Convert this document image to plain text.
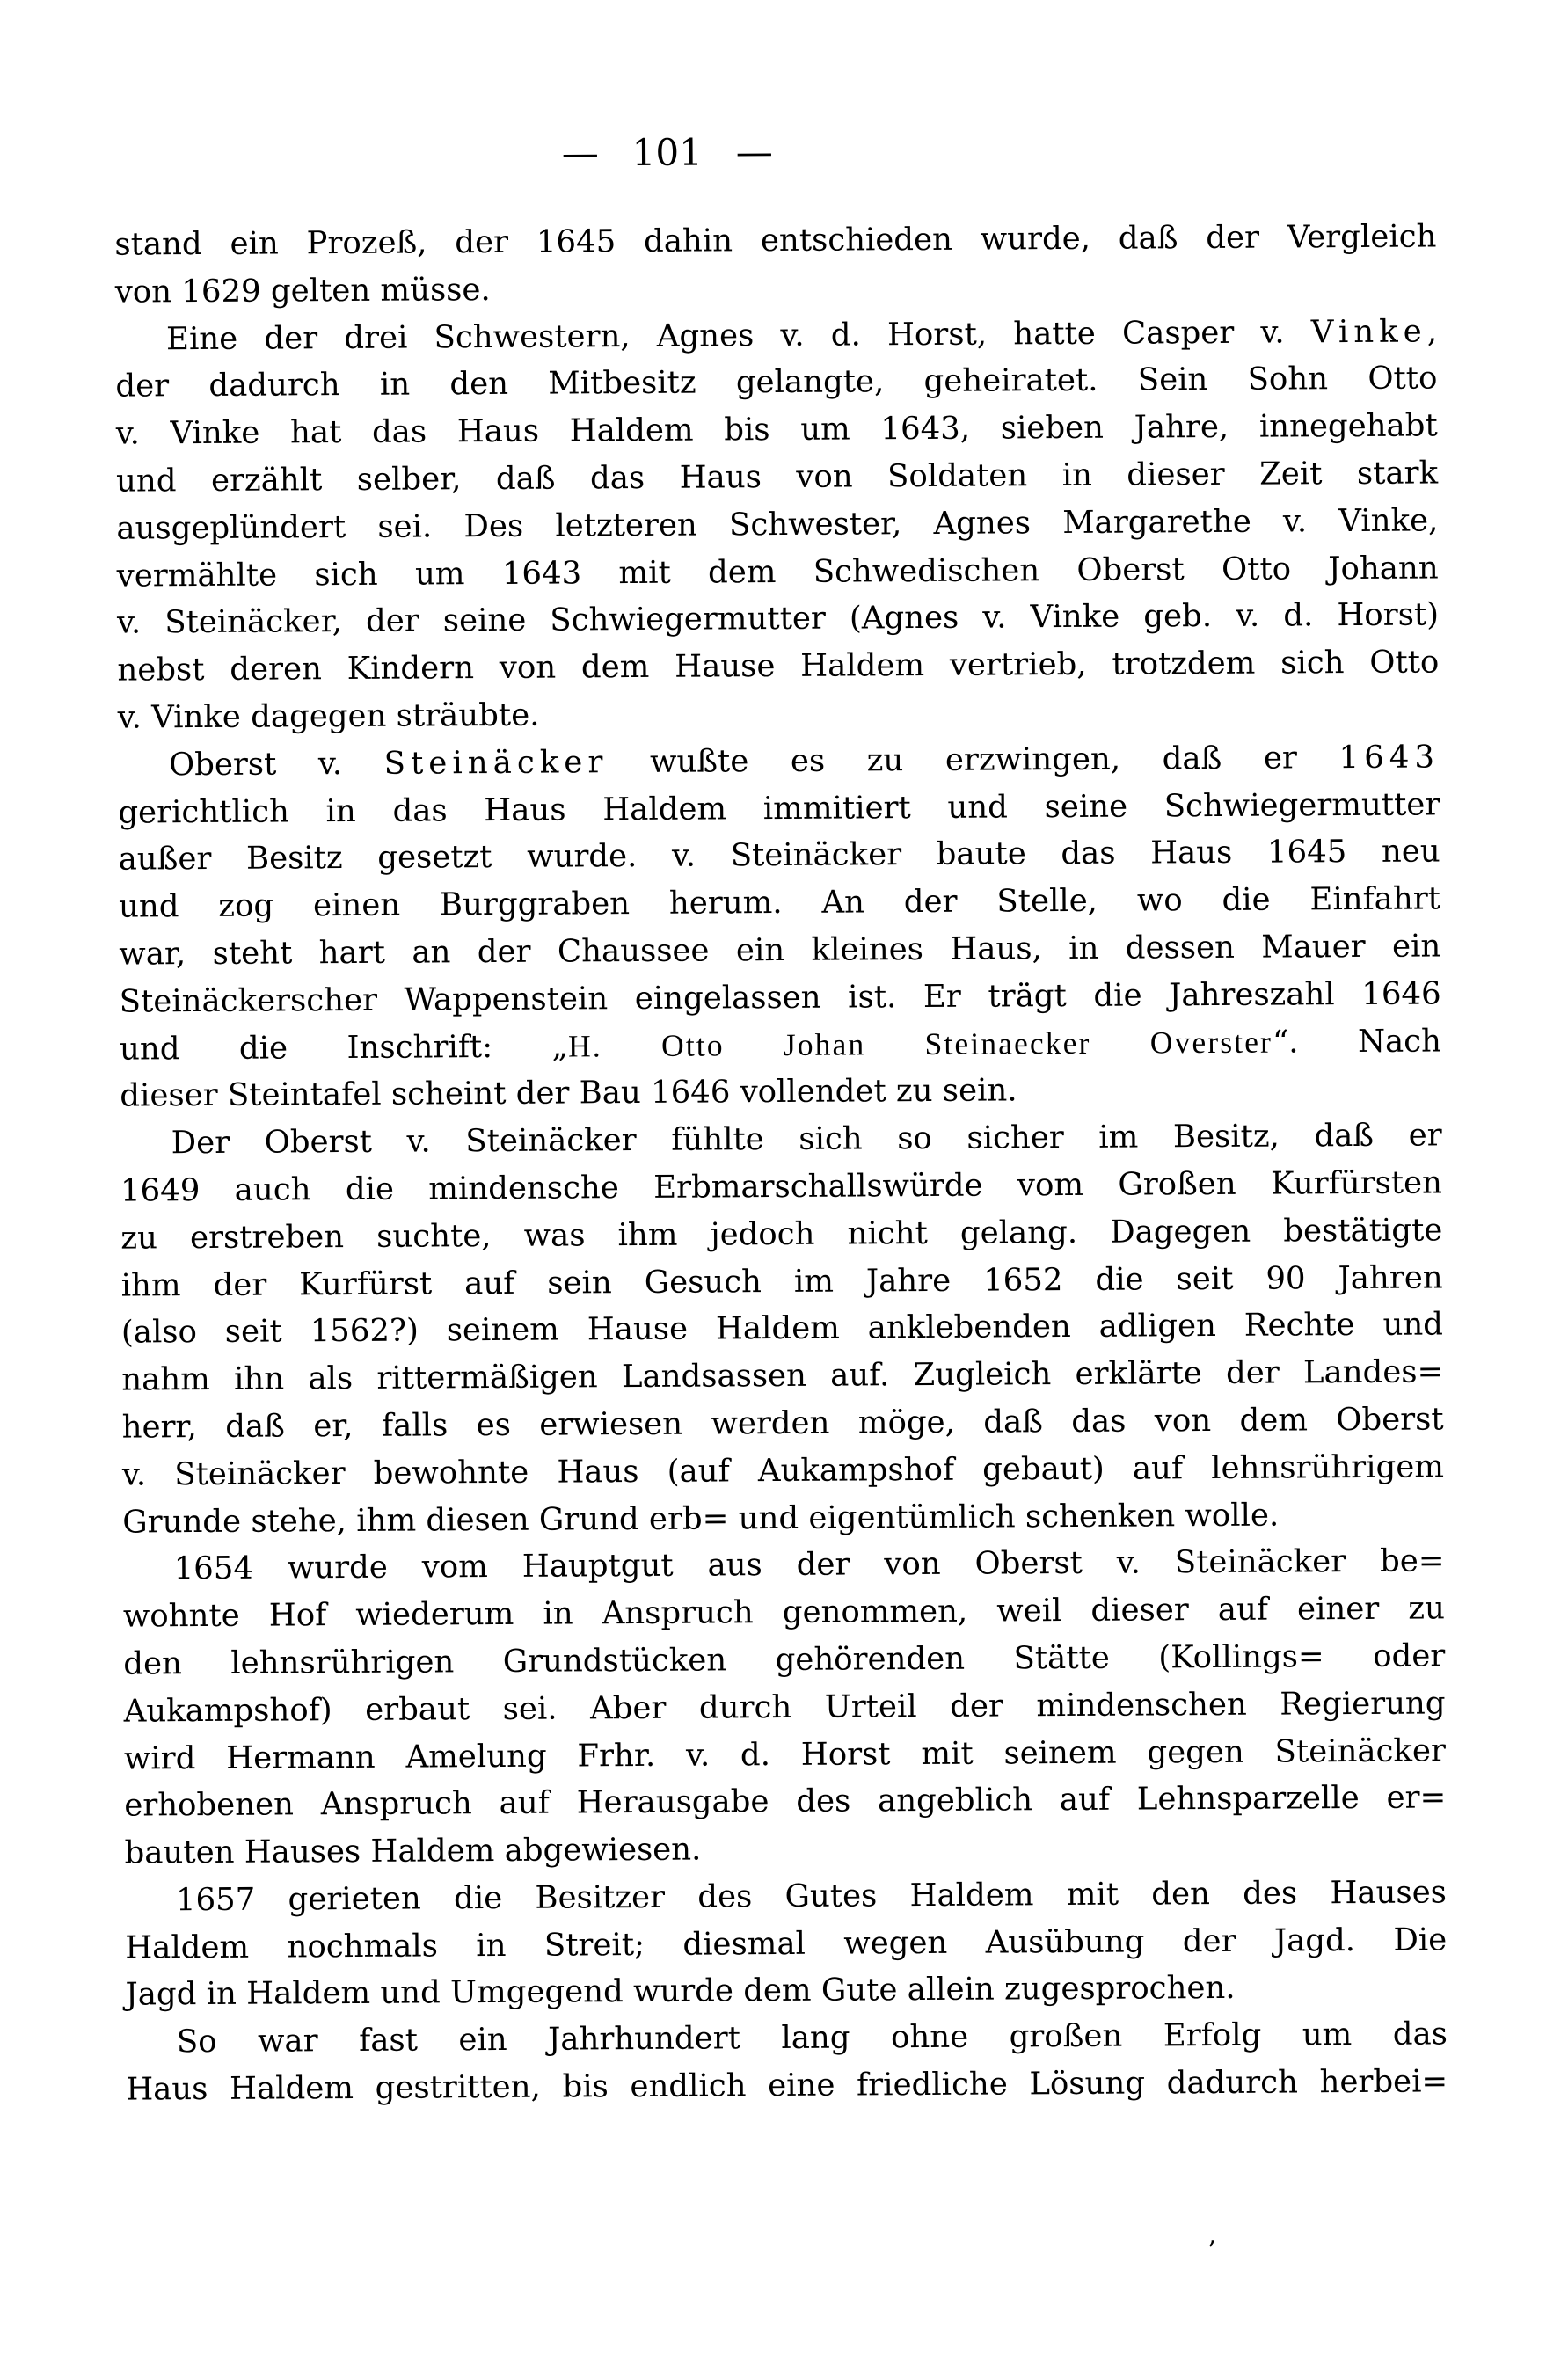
— 101 —
stand ein Prozeß, der 1645 dahin entschieden wurde, daß der Vergleich
von 1629 gelten müsse.
Eine der drei Schwestern, Agnes v. d. Horst, hatte Casper v. Vinke,
der dadurch in den Mitbesitz gelangte, geheiratet. Sein Sohn Otto
v. Vinke hat das Haus Haldem bis um 1643, sieben Jahre, innegehabt
und erzählt selber, daß das Haus von Soldaten in dieser Zeit stark
ausgeplündert sei. Des letzteren Schwester, Agnes Margarethe v. Vinke,
vermählte sich um 1643 mit dem Schwedischen Oberst Otto Johann
v. Steinäcker, der seine Schwiegermutter (Agnes v. Vinke geb. v. d. Horst)
nebst deren Kindern von dem Hause Haldem vertrieb, trotzdem sich Otto
v. Vinke dagegen sträubte.
Oberst v. Steinäcker wußte es zu erzwingen, daß er 1643
gerichtlich in das Haus Haldem immitiert und seine Schwiegermutter
außer Besitz gesetzt wurde. v. Steinäcker baute das Haus 1645 neu
und zog einen Burggraben herum. An der Stelle, wo die Einfahrt
war, steht hart an der Chaussee ein kleines Haus, in dessen Mauer ein
Steinäckerscher Wappenstein eingelassen ist. Er trägt die Jahreszahl 1646
und die Inschrift: „H. Otto Johan Steinaecker Overster“. Nach
dieser Steintafel scheint der Bau 1646 vollendet zu sein.
Der Oberst v. Steinäcker fühlte sich so sicher im Besitz, daß er
1649 auch die mindensche Erbmarschallswürde vom Großen Kurfürsten
zu erstreben suchte, was ihm jedoch nicht gelang. Dagegen bestätigte
ihm der Kurfürst auf sein Gesuch im Jahre 1652 die seit 90 Jahren
(also seit 1562?) seinem Hause Haldem anklebenden adligen Rechte und
nahm ihn als rittermäßigen Landsassen auf. Zugleich erklärte der Landes=
herr, daß er, falls es erwiesen werden möge, daß das von dem Oberst
v. Steinäcker bewohnte Haus (auf Aukampshof gebaut) auf lehnsrührigem
Grunde stehe, ihm diesen Grund erb= und eigentümlich schenken wolle.
1654 wurde vom Hauptgut aus der von Oberst v. Steinäcker be=
wohnte Hof wiederum in Anspruch genommen, weil dieser auf einer zu
den lehnsrührigen Grundstücken gehörenden Stätte (Kollings= oder
Aukampshof) erbaut sei. Aber durch Urteil der mindenschen Regierung
wird Hermann Amelung Frhr. v. d. Horst mit seinem gegen Steinäcker
erhobenen Anspruch auf Herausgabe des angeblich auf Lehnsparzelle er=
bauten Hauses Haldem abgewiesen.
1657 gerieten die Besitzer des Gutes Haldem mit den des Hauses
Haldem nochmals in Streit; diesmal wegen Ausübung der Jagd. Die
Jagd in Haldem und Umgegend wurde dem Gute allein zugesprochen.
So war fast ein Jahrhundert lang ohne großen Erfolg um das
Haus Haldem gestritten, bis endlich eine friedliche Lösung dadurch herbei=
’
